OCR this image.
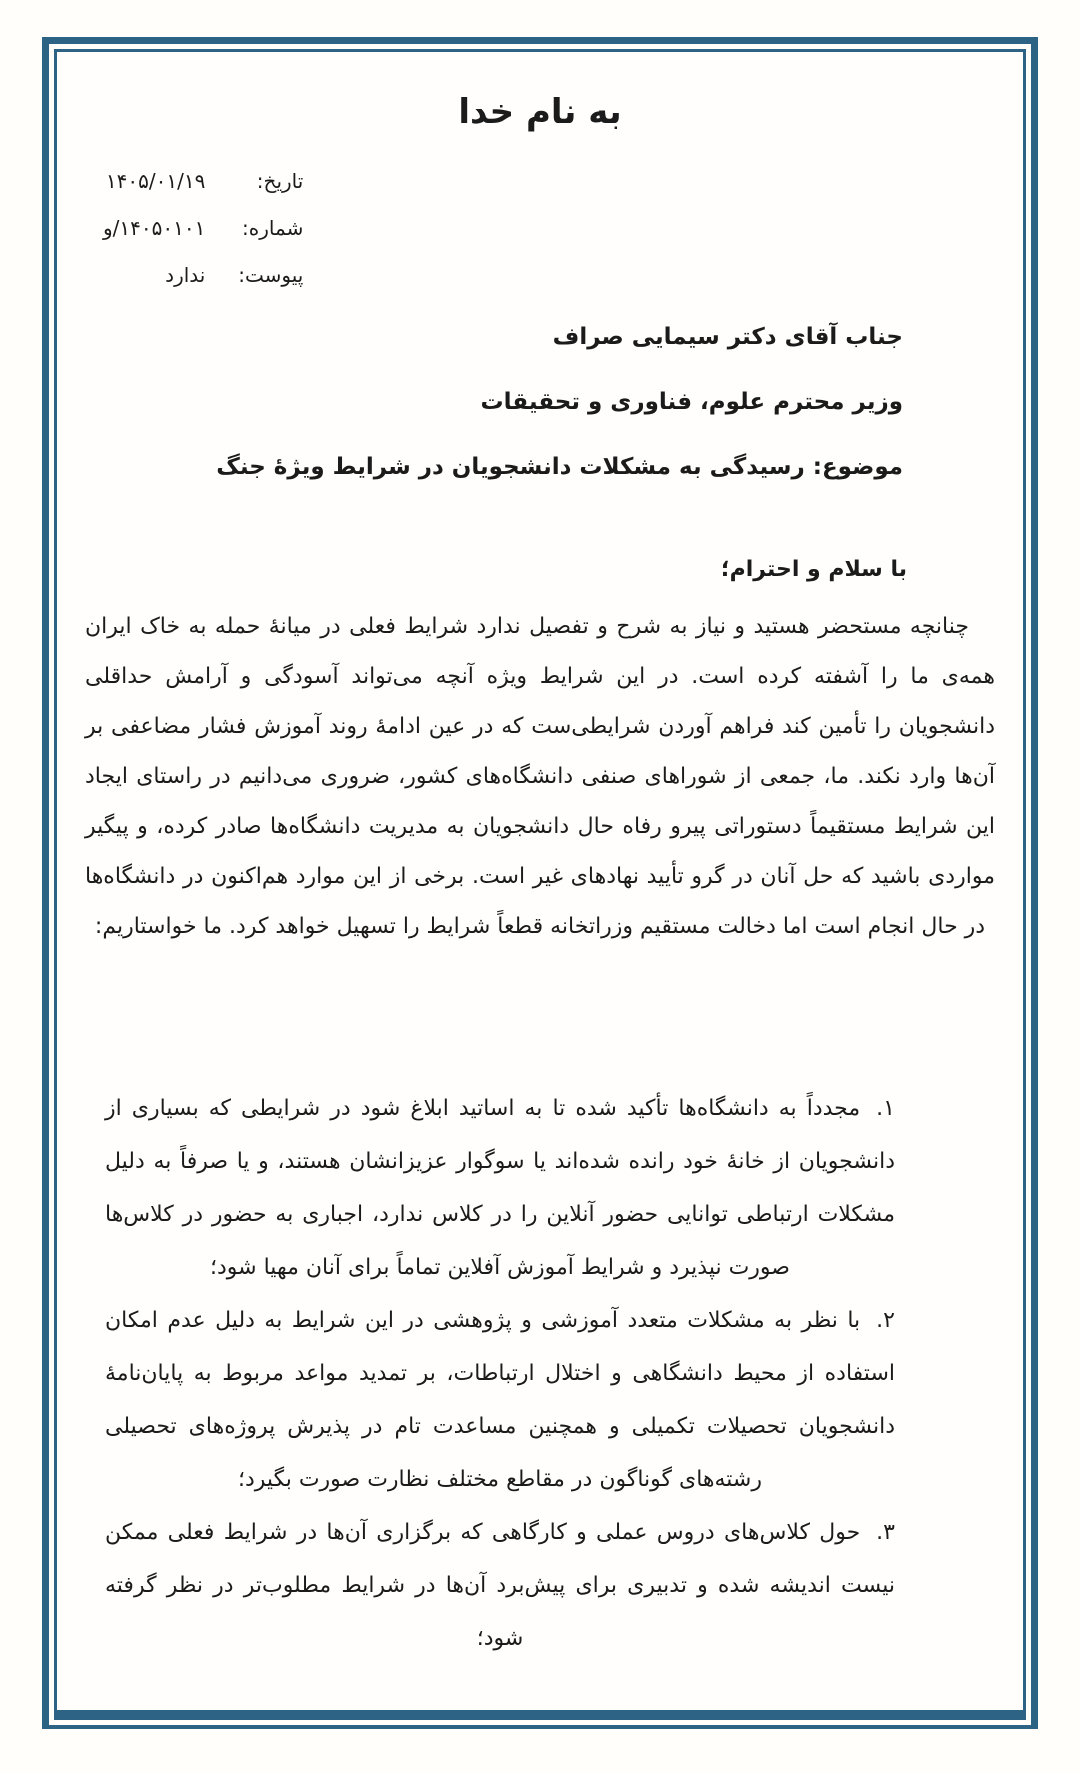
به نام خدا
تاریخ:
۱۴۰۵/۰۱/۱۹
شماره:
۱۴۰۵۰۱۰۱/و
پیوست:
ندارد

جناب آقای دکتر سیمایی صراف

وزیر محترم علوم، فناوری و تحقیقات

موضوع: رسیدگی به مشکلات دانشجویان در شرایط ویژهٔ جنگ

با سلام و احترام؛

چنانچه مستحضر هستید و نیاز به شرح و تفصیل ندارد شرایط فعلی در میانهٔ حمله به خاک ایران همه‌ی ما را آشفته کرده است. در این شرایط ویژه آنچه می‌تواند آسودگی و آرامش حداقلی دانشجویان را تأمین کند فراهم آوردن شرایطی‌ست که در عین ادامهٔ روند آموزش فشار مضاعفی بر آن‌ها وارد نکند. ما، جمعی از شوراهای صنفی دانشگاه‌های کشور، ضروری می‌دانیم در راستای ایجاد این شرایط مستقیماً دستوراتی پیرو رفاه حال دانشجویان به مدیریت دانشگاه‌ها صادر کرده، و پیگیر مواردی باشید که حل آنان در گرو تأیید نهادهای غیر است. برخی از این موارد هم‌اکنون در دانشگاه‌ها در حال انجام است اما دخالت مستقیم وزراتخانه قطعاً شرایط را تسهیل خواهد کرد. ما خواستاریم:

۱.مجدداً به دانشگاه‌ها تأکید شده تا به اساتید ابلاغ شود در شرایطی که بسیاری از دانشجویان از خانهٔ خود رانده شده‌اند یا سوگوار عزیزانشان هستند، و یا صرفاً به دلیل مشکلات ارتباطی توانایی حضور آنلاین را در کلاس ندارد، اجباری به حضور در کلاس‌ها صورت نپذیرد و شرایط آموزش آفلاین تماماً برای آنان مهیا شود؛

۲.با نظر به مشکلات متعدد آموزشی و پژوهشی در این شرایط به دلیل عدم امکان استفاده از محیط دانشگاهی و اختلال ارتباطات، بر تمدید مواعد مربوط به پایان‌نامهٔ دانشجویان تحصیلات تکمیلی و همچنین مساعدت تام در پذیرش پروژه‌های تحصیلی رشته‌های گوناگون در مقاطع مختلف نظارت صورت بگیرد؛

۳.حول کلاس‌های دروس عملی و کارگاهی که برگزاری آن‌ها در شرایط فعلی ممکن نیست اندیشه شده و تدبیری برای پیش‌برد آن‌ها در شرایط مطلوب‌تر در نظر گرفته شود؛
